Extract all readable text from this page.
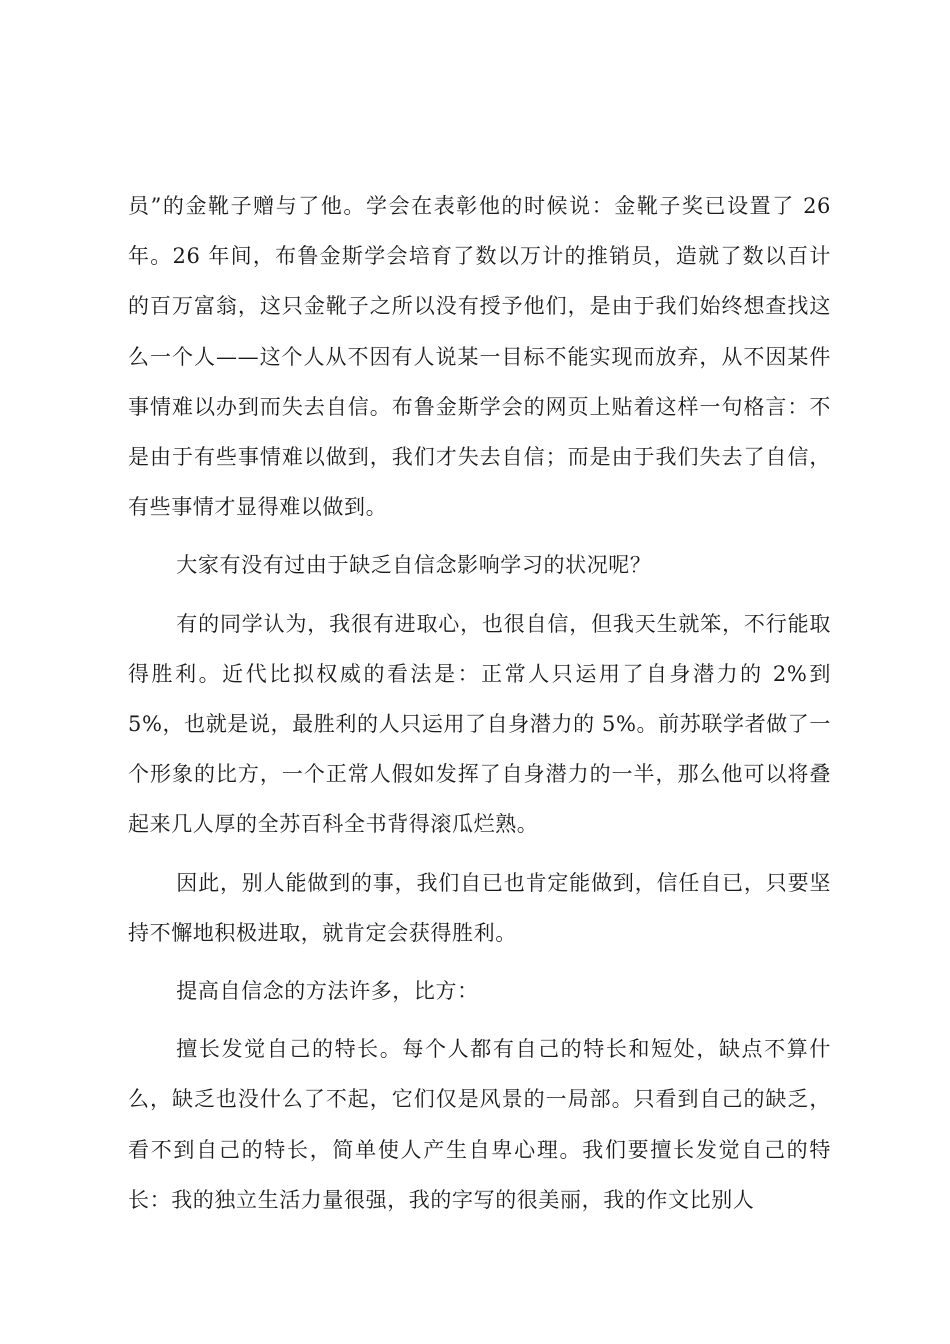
员”的金靴子赠与了他。学会在表彰他的时候说：金靴子奖已设置了 26 年。26 年间，布鲁金斯学会培育了数以万计的推销员，造就了数以百计的百万富翁，这只金靴子之所以没有授予他们，是由于我们始终想查找这么一个人——这个人从不因有人说某一目标不能实现而放弃，从不因某件事情难以办到而失去自信。布鲁金斯学会的网页上贴着这样一句格言：不是由于有些事情难以做到，我们才失去自信；而是由于我们失去了自信，有些事情才显得难以做到。

大家有没有过由于缺乏自信念影响学习的状况呢？

有的同学认为，我很有进取心，也很自信，但我天生就笨，不行能取得胜利。近代比拟权威的看法是：正常人只运用了自身潜力的 2%到 5%，也就是说，最胜利的人只运用了自身潜力的 5%。前苏联学者做了一个形象的比方，一个正常人假如发挥了自身潜力的一半，那么他可以将叠起来几人厚的全苏百科全书背得滚瓜烂熟。

因此，别人能做到的事，我们自已也肯定能做到，信任自已，只要坚持不懈地积极进取，就肯定会获得胜利。

提高自信念的方法许多，比方：

擅长发觉自己的特长。每个人都有自己的特长和短处，缺点不算什么，缺乏也没什么了不起，它们仅是风景的一局部。只看到自己的缺乏，看不到自己的特长，简单使人产生自卑心理。我们要擅长发觉自己的特长：我的独立生活力量很强，我的字写的很美丽，我的作文比别人
